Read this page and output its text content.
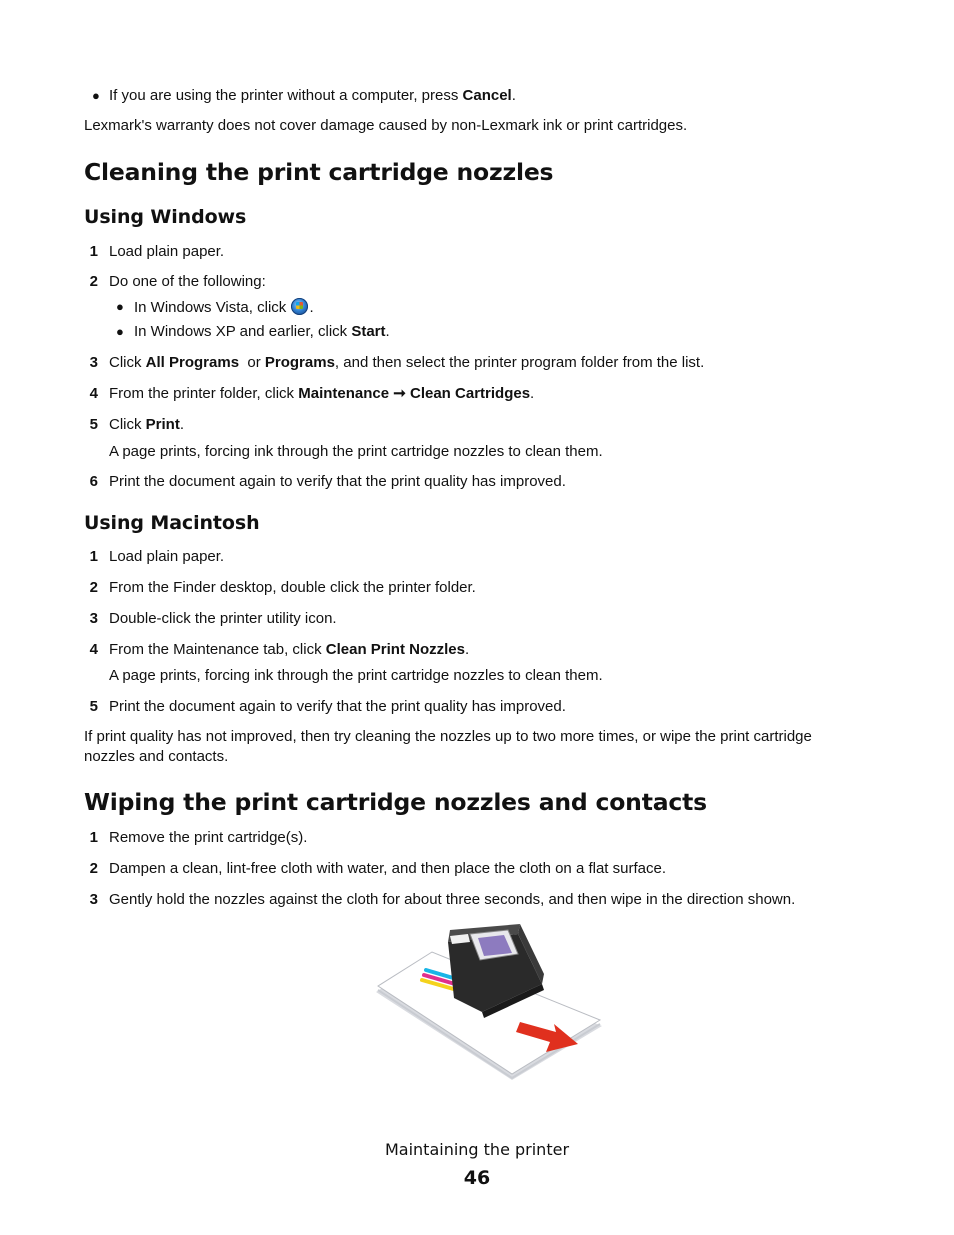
● If you are using the printer without a computer, press Cancel.
Lexmark's warranty does not cover damage caused by non-Lexmark ink or print cartridges.
Cleaning the print cartridge nozzles
Using Windows
1 Load plain paper.
2 Do one of the following:
● In Windows Vista, click .
● In Windows XP and earlier, click Start.
3 Click All Programs  or Programs, and then select the printer program folder from the list.
4 From the printer folder, click Maintenance ➞ Clean Cartridges.
5 Click Print.
A page prints, forcing ink through the print cartridge nozzles to clean them.
6 Print the document again to verify that the print quality has improved.
Using Macintosh
1 Load plain paper.
2 From the Finder desktop, double click the printer folder.
3 Double-click the printer utility icon.
4 From the Maintenance tab, click Clean Print Nozzles.
A page prints, forcing ink through the print cartridge nozzles to clean them.
5 Print the document again to verify that the print quality has improved.
If print quality has not improved, then try cleaning the nozzles up to two more times, or wipe the print cartridge
nozzles and contacts.
Wiping the print cartridge nozzles and contacts
1 Remove the print cartridge(s).
2 Dampen a clean, lint-free cloth with water, and then place the cloth on a flat surface.
3 Gently hold the nozzles against the cloth for about three seconds, and then wipe in the direction shown.
Maintaining the printer
46
